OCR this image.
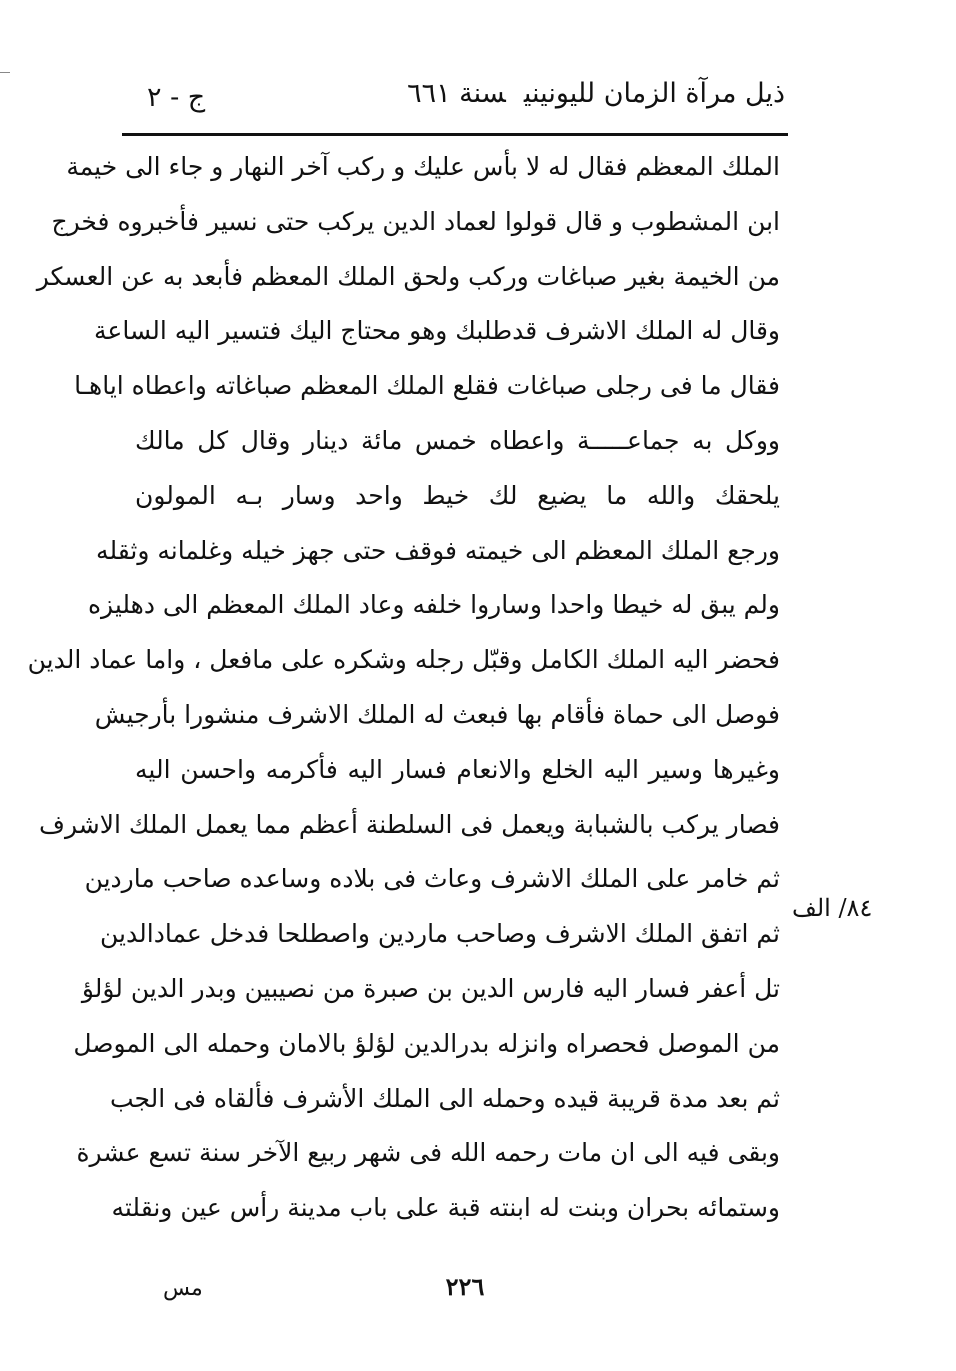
ذيل مرآة الزمان لليونينيسنة ٦٦١
ج - ٢
الملك المعظم فقال له لا بأس عليك و ركب آخر النهار و جاء الى خيمة
ابن المشطوب و قال قولوا لعماد الدين يركب حتى نسير فأخبروه فخرج
من الخيمة بغير صباغات وركب ولحق الملك المعظم فأبعد به عن العسكر
وقال له الملك الاشرف قدطلبك وهو محتاج اليك فتسير اليه الساعة
فقال ما فى رجلى صباغات فقلع الملك المعظم صباغاته واعطاه اياهـا
ووكل به جماعـــــة واعطاه خمس مائة دينار وقال كل مالك
يلحقك والله ما يضيع لك خيط واحد وسار بـه المولون
ورجع الملك المعظم الى خيمته فوقف حتى جهز خيله وغلمانه وثقله
ولم يبق له خيطا واحدا وساروا خلفه وعاد الملك المعظم الى دهليزه
فحضر اليه الملك الكامل وقبّل رجله وشكره على مافعل ، واما عماد الدين
فوصل الى حماة فأقام بها فبعث له الملك الاشرف منشورا بأرجيش
وغيرها وسير اليه الخلع والانعام فسار اليه فأكرمه واحسن اليه
فصار يركب بالشبابة ويعمل فى السلطنة أعظم مما يعمل الملك الاشرف
ثم خامر على الملك الاشرف وعاث فى بلاده وساعده صاحب ماردين
ثم اتفق الملك الاشرف وصاحب ماردين واصطلحا فدخل عمادالدين
تل أعفر فسار اليه فارس الدين بن صبرة من نصيبين وبدر الدين لؤلؤ
من الموصل فحصراه وانزله بدرالدين لؤلؤ بالامان وحمله الى الموصل
ثم بعد مدة قريبة قيده وحمله الى الملك الأشرف فألقاه فى الجب
وبقى فيه الى ان مات رحمه الله فى شهر ربيع الآخر سنة تسع عشرة
وستمائه بحران وبنت له ابنته قبة على باب مدينة رأس عين ونقلته
٨٤/ الف
٢٢٦
مس
